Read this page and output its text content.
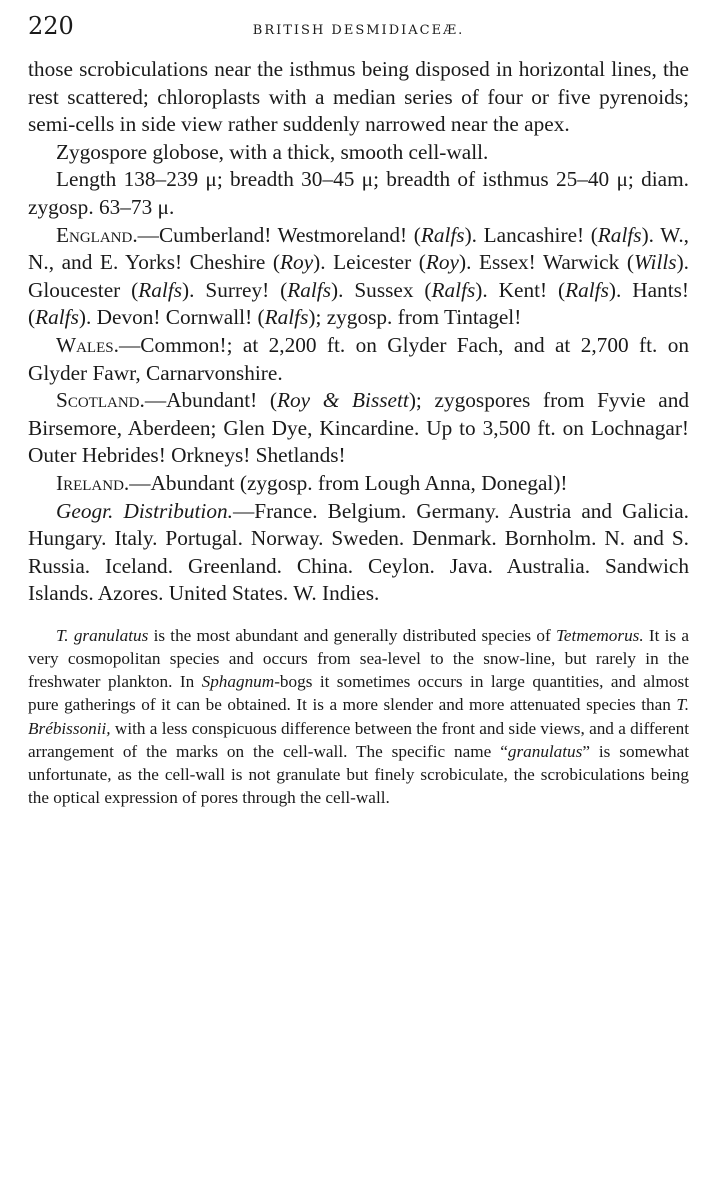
220	BRITISH DESMIDIACEÆ.

those scrobiculations near the isthmus being disposed in horizontal lines, the rest scattered; chloroplasts with a median series of four or five pyrenoids; semi-cells in side view rather suddenly narrowed near the apex.

Zygospore globose, with a thick, smooth cell-wall.

Length 138–239 μ; breadth 30–45 μ; breadth of isthmus 25–40 μ; diam. zygosp. 63–73 μ.

England.—Cumberland! Westmoreland! (Ralfs). Lancashire! (Ralfs). W., N., and E. Yorks! Cheshire (Roy). Leicester (Roy). Essex! Warwick (Wills). Gloucester (Ralfs). Surrey! (Ralfs). Sussex (Ralfs). Kent! (Ralfs). Hants! (Ralfs). Devon! Cornwall! (Ralfs); zygosp. from Tintagel!

Wales.—Common!; at 2,200 ft. on Glyder Fach, and at 2,700 ft. on Glyder Fawr, Carnarvonshire.

Scotland.—Abundant! (Roy & Bissett); zygospores from Fyvie and Birsemore, Aberdeen; Glen Dye, Kincardine. Up to 3,500 ft. on Lochnagar! Outer Hebrides! Orkneys! Shetlands!

Ireland.—Abundant (zygosp. from Lough Anna, Donegal)!

Geogr. Distribution.—France. Belgium. Germany. Austria and Galicia. Hungary. Italy. Portugal. Norway. Sweden. Denmark. Bornholm. N. and S. Russia. Iceland. Greenland. China. Ceylon. Java. Australia. Sandwich Islands. Azores. United States. W. Indies.

T. granulatus is the most abundant and generally distributed species of Tetmemorus. It is a very cosmopolitan species and occurs from sea-level to the snow-line, but rarely in the freshwater plankton. In Sphagnum-bogs it sometimes occurs in large quantities, and almost pure gatherings of it can be obtained. It is a more slender and more attenuated species than T. Brébissonii, with a less conspicuous difference between the front and side views, and a different arrangement of the marks on the cell-wall. The specific name “granulatus” is somewhat unfortunate, as the cell-wall is not granulate but finely scrobiculate, the scrobiculations being the optical expression of pores through the cell-wall.
